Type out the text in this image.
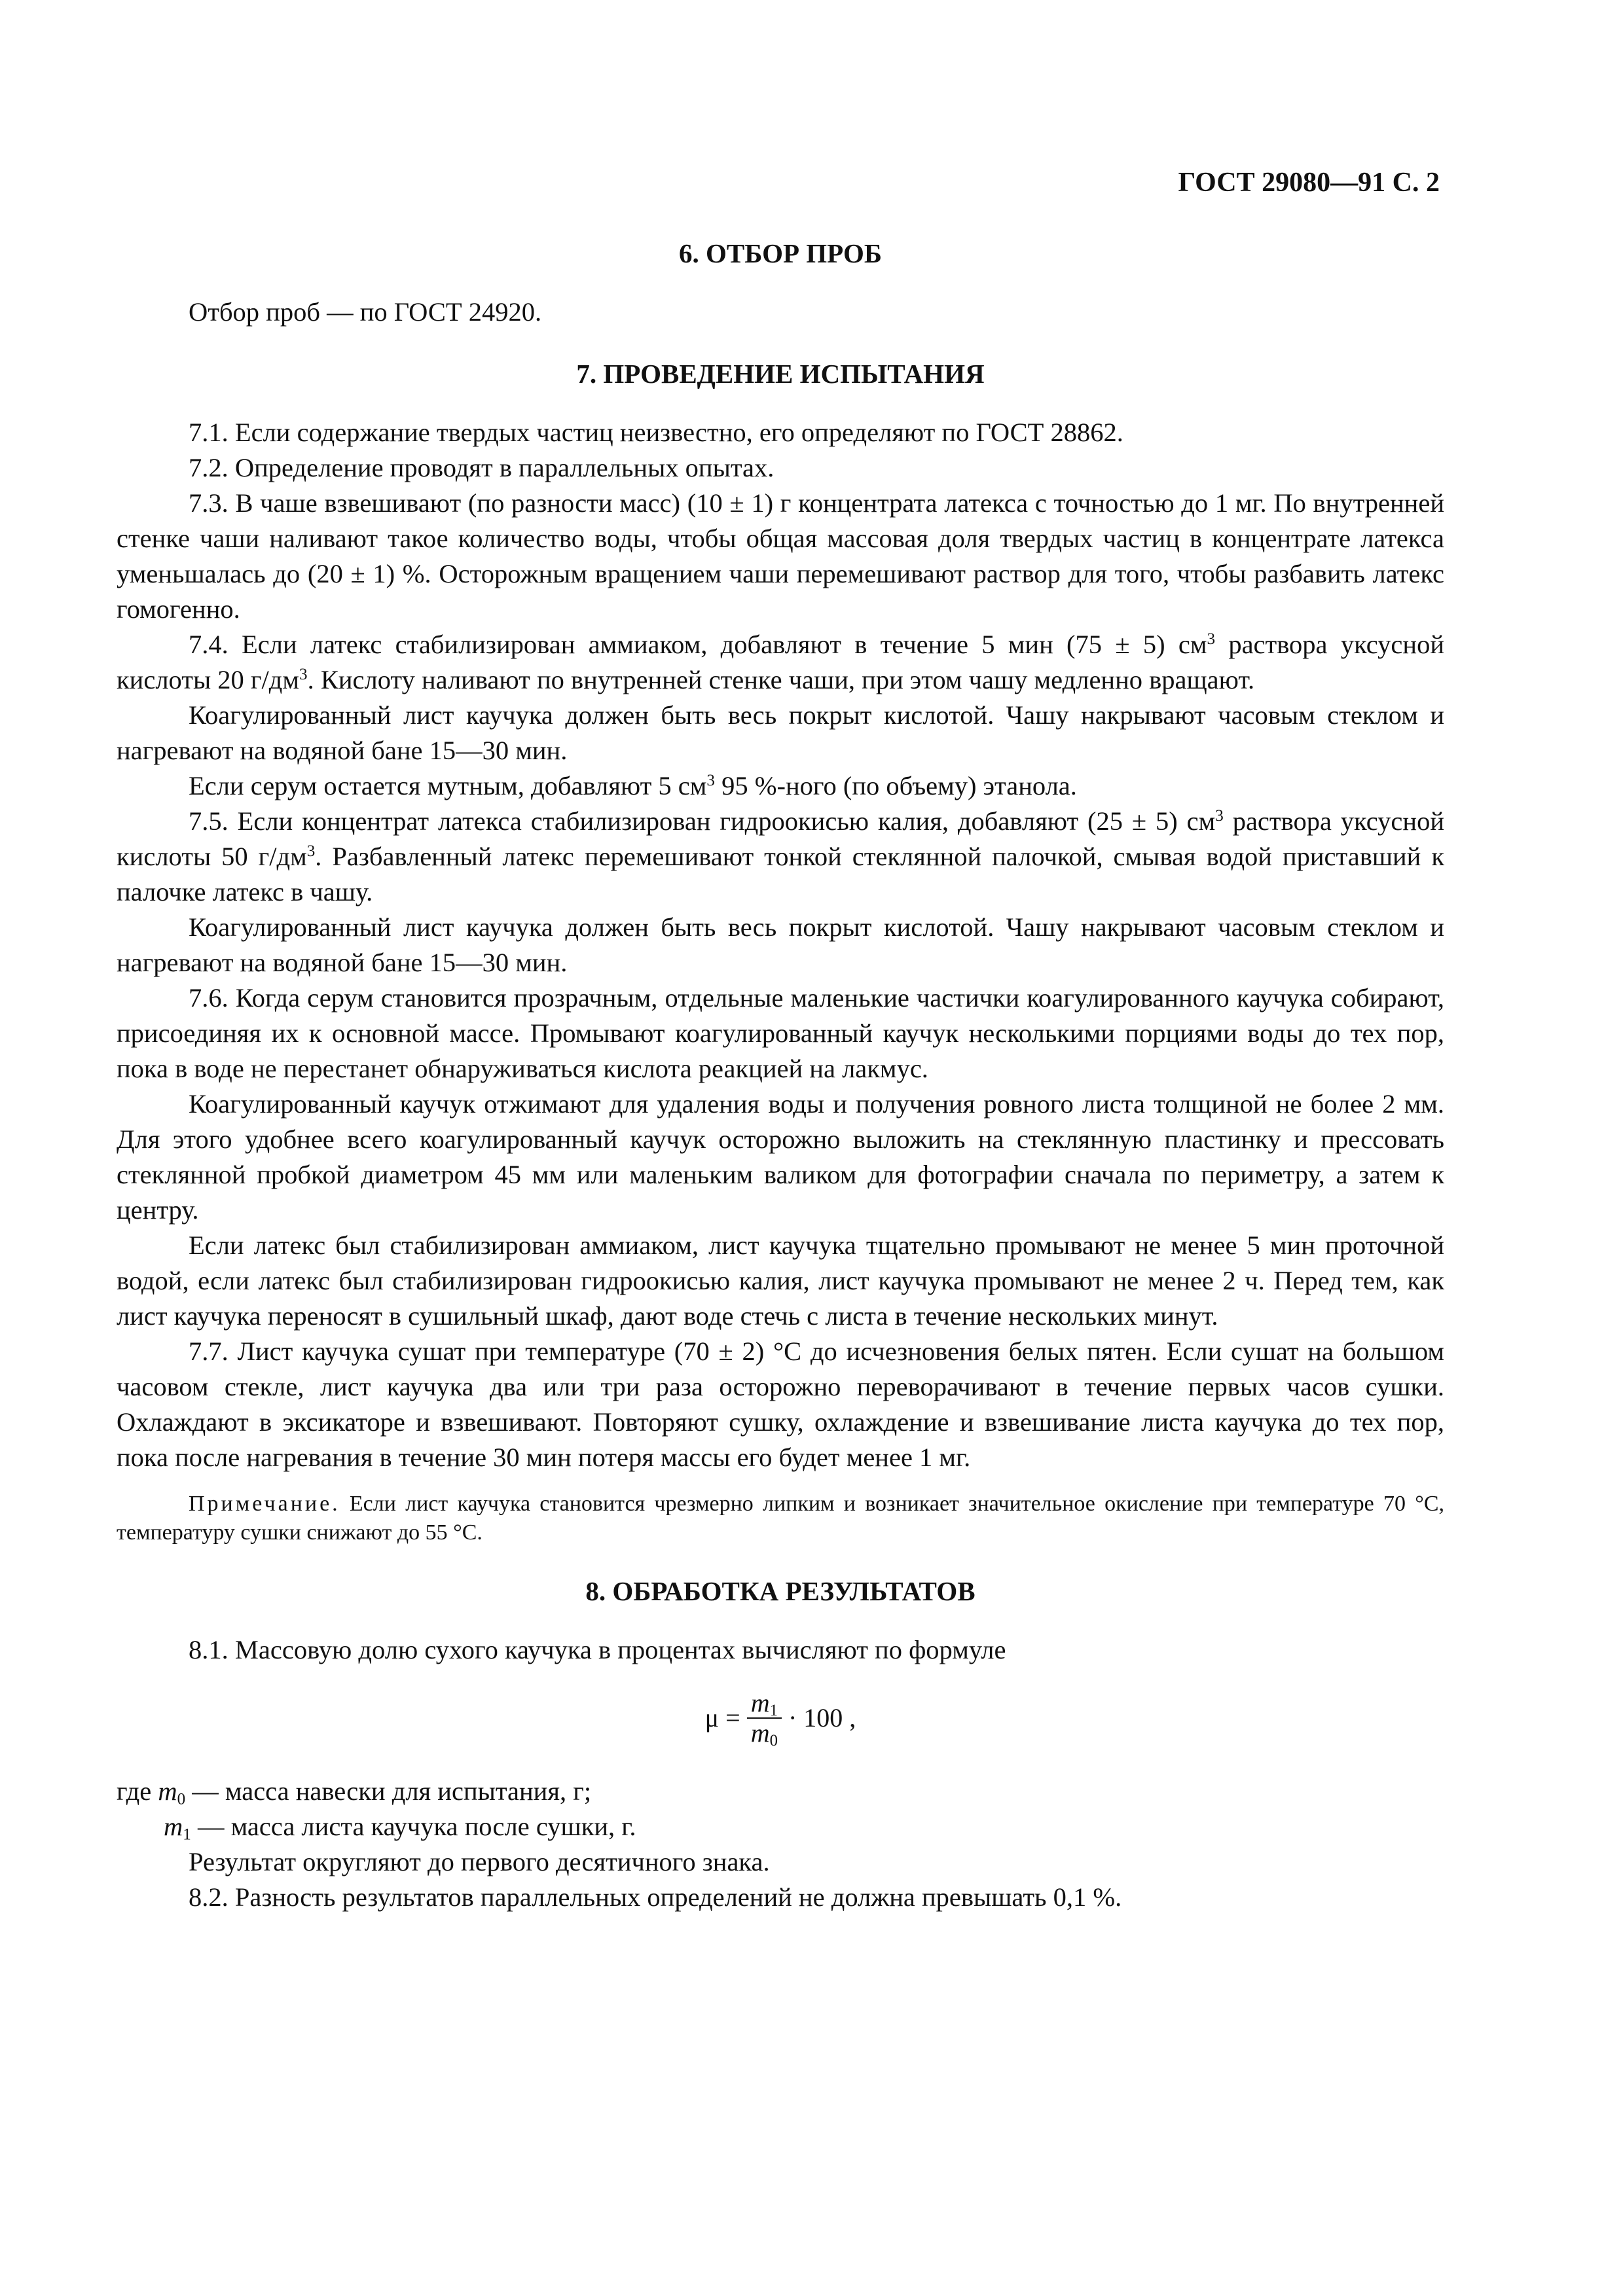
ГОСТ 29080—91 С. 2
6. ОТБОР ПРОБ

Отбор проб — по ГОСТ 24920.

7. ПРОВЕДЕНИЕ ИСПЫТАНИЯ

7.1. Если содержание твердых частиц неизвестно, его определяют по ГОСТ 28862.

7.2. Определение проводят в параллельных опытах.

7.3. В чаше взвешивают (по разности масс) (10 ± 1) г концентрата латекса с точностью до 1 мг. По внутренней стенке чаши наливают такое количество воды, чтобы общая массовая доля твердых частиц в концентрате латекса уменьшалась до (20 ± 1) %. Осторожным вращением чаши перемешивают раствор для того, чтобы разбавить латекс гомогенно.

7.4. Если латекс стабилизирован аммиаком, добавляют в течение 5 мин (75 ± 5) $см^3$ раствора уксусной кислоты 20 $г/дм^3$. Кислоту наливают по внутренней стенке чаши, при этом чашу медленно вращают.

Коагулированный лист каучука должен быть весь покрыт кислотой. Чашу накрывают часовым стеклом и нагревают на водяной бане 15—30 мин.

Если серум остается мутным, добавляют 5 $см^3$ 95 %-ного (по объему) этанола.

7.5. Если концентрат латекса стабилизирован гидроокисью калия, добавляют (25 ± 5) $см^3$ раствора уксусной кислоты 50 $г/дм^3$. Разбавленный латекс перемешивают тонкой стеклянной палочкой, смывая водой приставший к палочке латекс в чашу.

Коагулированный лист каучука должен быть весь покрыт кислотой. Чашу накрывают часовым стеклом и нагревают на водяной бане 15—30 мин.

7.6. Когда серум становится прозрачным, отдельные маленькие частички коагулированного каучука собирают, присоединяя их к основной массе. Промывают коагулированный каучук несколькими порциями воды до тех пор, пока в воде не перестанет обнаруживаться кислота реакцией на лакмус.

Коагулированный каучук отжимают для удаления воды и получения ровного листа толщиной не более 2 мм. Для этого удобнее всего коагулированный каучук осторожно выложить на стеклянную пластинку и прессовать стеклянной пробкой диаметром 45 мм или маленьким валиком для фотографии сначала по периметру, а затем к центру.

Если латекс был стабилизирован аммиаком, лист каучука тщательно промывают не менее 5 мин проточной водой, если латекс был стабилизирован гидроокисью калия, лист каучука промывают не менее 2 ч. Перед тем, как лист каучука переносят в сушильный шкаф, дают воде стечь с листа в течение нескольких минут.

7.7. Лист каучука сушат при температуре (70 ± 2) °С до исчезновения белых пятен. Если сушат на большом часовом стекле, лист каучука два или три раза осторожно переворачивают в течение первых часов сушки. Охлаждают в эксикаторе и взвешивают. Повторяют сушку, охлаждение и взвешивание листа каучука до тех пор, пока после нагревания в течение 30 мин потеря массы его будет менее 1 мг.

Примечание. Если лист каучука становится чрезмерно липким и возникает значительное окисление при температуре 70 °С, температуру сушки снижают до 55 °С.

8. ОБРАБОТКА РЕЗУЛЬТАТОВ

8.1. Массовую долю сухого каучука в процентах вычисляют по формуле

$\mu = \frac{m_1}{m_0} \cdot 100$ ,

где $m_0$ — масса навески для испытания, г;

$m_1$ — масса листа каучука после сушки, г.

Результат округляют до первого десятичного знака.

8.2. Разность результатов параллельных определений не должна превышать 0,1 %.
